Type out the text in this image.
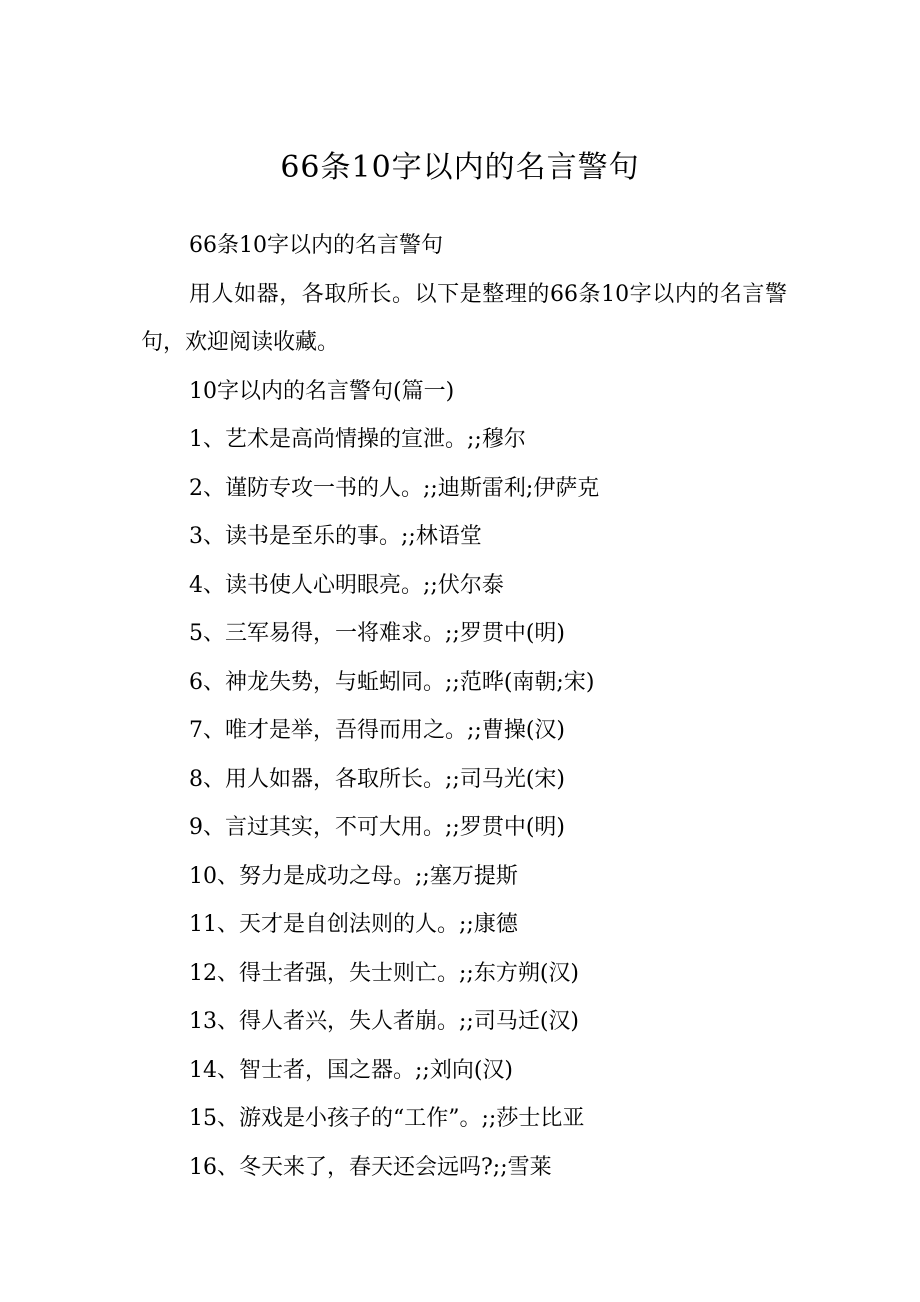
66条10字以内的名言警句

66条10字以内的名言警句

用人如器，各取所长。以下是整理的66条10字以内的名言警句，欢迎阅读收藏。

10字以内的名言警句(篇一)

1、艺术是高尚情操的宣泄。;;穆尔

2、谨防专攻一书的人。;;迪斯雷利;伊萨克

3、读书是至乐的事。;;林语堂

4、读书使人心明眼亮。;;伏尔泰

5、三军易得，一将难求。;;罗贯中(明)

6、神龙失势，与蚯蚓同。;;范晔(南朝;宋)

7、唯才是举，吾得而用之。;;曹操(汉)

8、用人如器，各取所长。;;司马光(宋)

9、言过其实，不可大用。;;罗贯中(明)

10、努力是成功之母。;;塞万提斯

11、天才是自创法则的人。;;康德

12、得士者强，失士则亡。;;东方朔(汉)

13、得人者兴，失人者崩。;;司马迁(汉)

14、智士者，国之器。;;刘向(汉)

15、游戏是小孩子的“工作”。;;莎士比亚

16、冬天来了，春天还会远吗?;;雪莱
